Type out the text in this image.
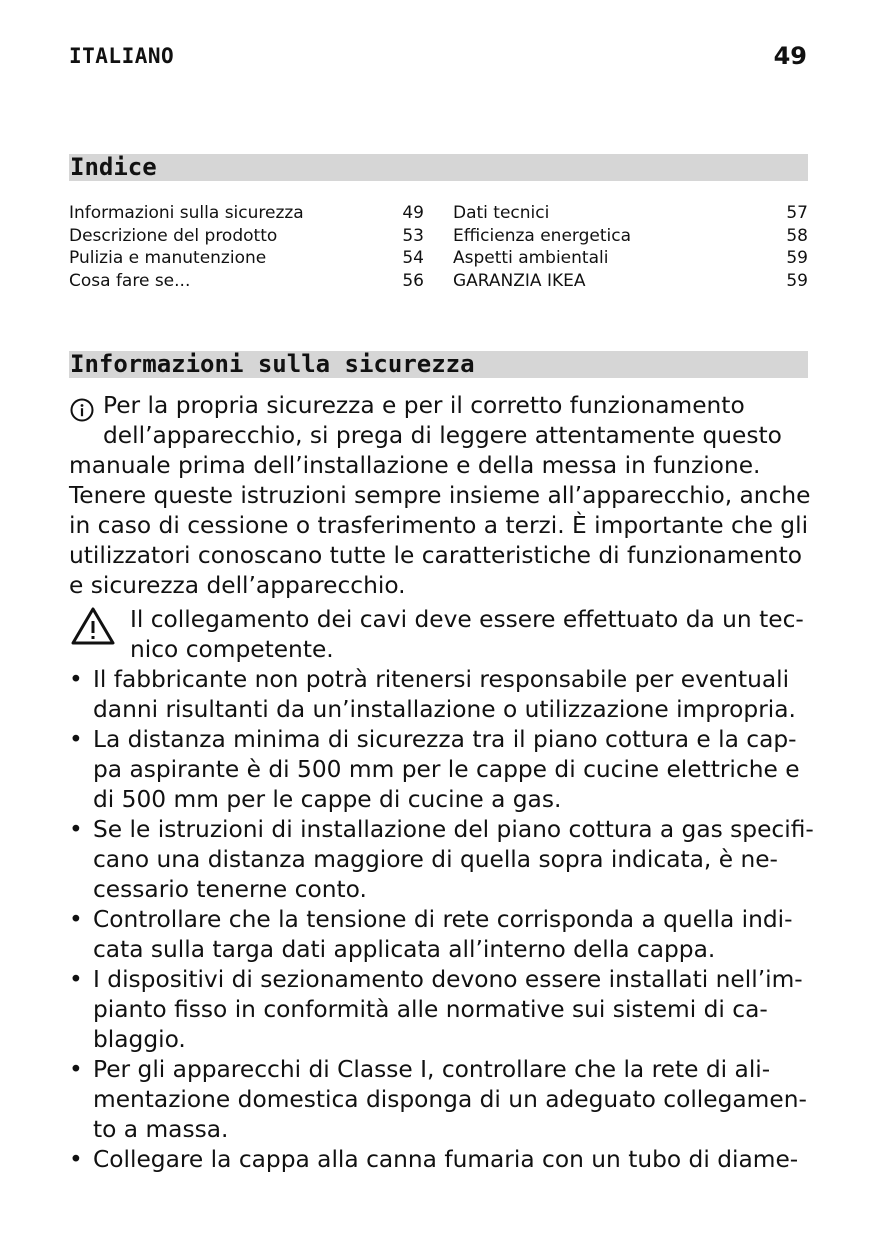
ITALIANO	49
Indice
Informazioni sulla sicurezza	49
Descrizione del prodotto	53
Pulizia e manutenzione	54
Cosa fare se...	56
Dati tecnici	57
Efficienza energetica	58
Aspetti ambientali	59
GARANZIA IKEA	59
Informazioni sulla sicurezza
Per la propria sicurezza e per il corretto funzionamento
dell’apparecchio, si prega di leggere attentamente questo
manuale prima dell’installazione e della messa in funzione. Tenere queste istruzioni sempre insieme all’apparecchio, anche in caso di cessione o trasferimento a terzi. È importante che gli utilizzatori conoscano tutte le caratteristiche di funzionamento e sicurezza dell’apparecchio.
Il collegamento dei cavi deve essere effettuato da un tec-nico competente.
• Il fabbricante non potrà ritenersi responsabile per eventuali danni risultanti da un’installazione o utilizzazione impropria.
• La distanza minima di sicurezza tra il piano cottura e la cap-pa aspirante è di 500 mm per le cappe di cucine elettriche e di 500 mm per le cappe di cucine a gas.
• Se le istruzioni di installazione del piano cottura a gas specifi-cano una distanza maggiore di quella sopra indicata, è ne-cessario tenerne conto.
• Controllare che la tensione di rete corrisponda a quella indi-cata sulla targa dati applicata all’interno della cappa.
• I dispositivi di sezionamento devono essere installati nell’im-pianto fisso in conformità alle normative sui sistemi di ca-blaggio.
• Per gli apparecchi di Classe I, controllare che la rete di ali-mentazione domestica disponga di un adeguato collegamen-to a massa.
• Collegare la cappa alla canna fumaria con un tubo di diame-
